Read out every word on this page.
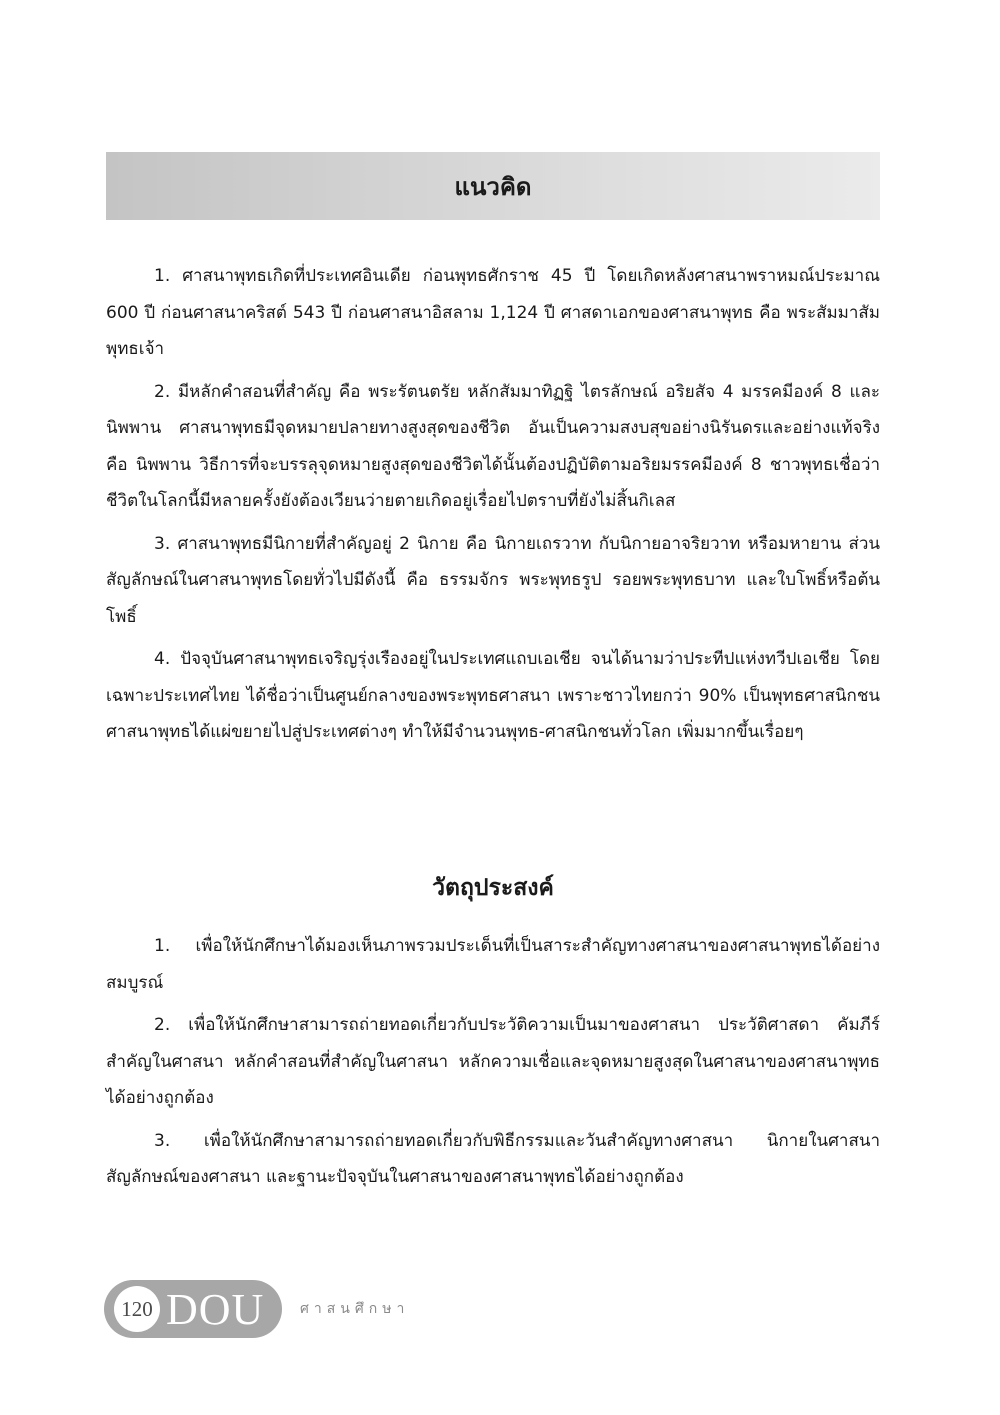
แนวคิด

1. ศาสนาพุทธเกิดที่ประเทศอินเดีย ก่อนพุทธศักราช 45 ปี โดยเกิดหลังศาสนาพราหมณ์ประมาณ 600 ปี ก่อนศาสนาคริสต์ 543 ปี ก่อนศาสนาอิสลาม 1,124 ปี ศาสดาเอกของศาสนาพุทธ คือ พระสัมมาสัมพุทธเจ้า

2. มีหลักคำสอนที่สำคัญ คือ พระรัตนตรัย หลักสัมมาทิฏฐิ ไตรลักษณ์ อริยสัจ 4 มรรคมีองค์ 8 และนิพพาน ศาสนาพุทธมีจุดหมายปลายทางสูงสุดของชีวิต อันเป็นความสงบสุขอย่างนิรันดรและอย่างแท้จริง คือ นิพพาน วิธีการที่จะบรรลุจุดหมายสูงสุดของชีวิตได้นั้นต้องปฏิบัติตามอริยมรรคมีองค์ 8 ชาวพุทธเชื่อว่าชีวิตในโลกนี้มีหลายครั้งยังต้องเวียนว่ายตายเกิดอยู่เรื่อยไปตราบที่ยังไม่สิ้นกิเลส

3. ศาสนาพุทธมีนิกายที่สำคัญอยู่ 2 นิกาย คือ นิกายเถรวาท กับนิกายอาจริยวาท หรือมหายาน ส่วนสัญลักษณ์ในศาสนาพุทธโดยทั่วไปมีดังนี้ คือ ธรรมจักร พระพุทธรูป รอยพระพุทธบาท และใบโพธิ์หรือต้นโพธิ์

4. ปัจจุบันศาสนาพุทธเจริญรุ่งเรืองอยู่ในประเทศแถบเอเชีย จนได้นามว่าประทีปแห่งทวีปเอเชีย โดยเฉพาะประเทศไทย ได้ชื่อว่าเป็นศูนย์กลางของพระพุทธศาสนา เพราะชาวไทยกว่า 90% เป็นพุทธศาสนิกชน ศาสนาพุทธได้แผ่ขยายไปสู่ประเทศต่างๆ ทำให้มีจำนวนพุทธ-ศาสนิกชนทั่วโลก เพิ่มมากขึ้นเรื่อยๆ

วัตถุประสงค์

1. เพื่อให้นักศึกษาได้มองเห็นภาพรวมประเด็นที่เป็นสาระสำคัญทางศาสนาของศาสนาพุทธได้อย่างสมบูรณ์

2. เพื่อให้นักศึกษาสามารถถ่ายทอดเกี่ยวกับประวัติความเป็นมาของศาสนา ประวัติศาสดา คัมภีร์สำคัญในศาสนา หลักคำสอนที่สำคัญในศาสนา หลักความเชื่อและจุดหมายสูงสุดในศาสนาของศาสนาพุทธได้อย่างถูกต้อง

3. เพื่อให้นักศึกษาสามารถถ่ายทอดเกี่ยวกับพิธีกรรมและวันสำคัญทางศาสนา นิกายในศาสนา สัญลักษณ์ของศาสนา และฐานะปัจจุบันในศาสนาของศาสนาพุทธได้อย่างถูกต้อง

120 DOU	ศาสนศึกษา
